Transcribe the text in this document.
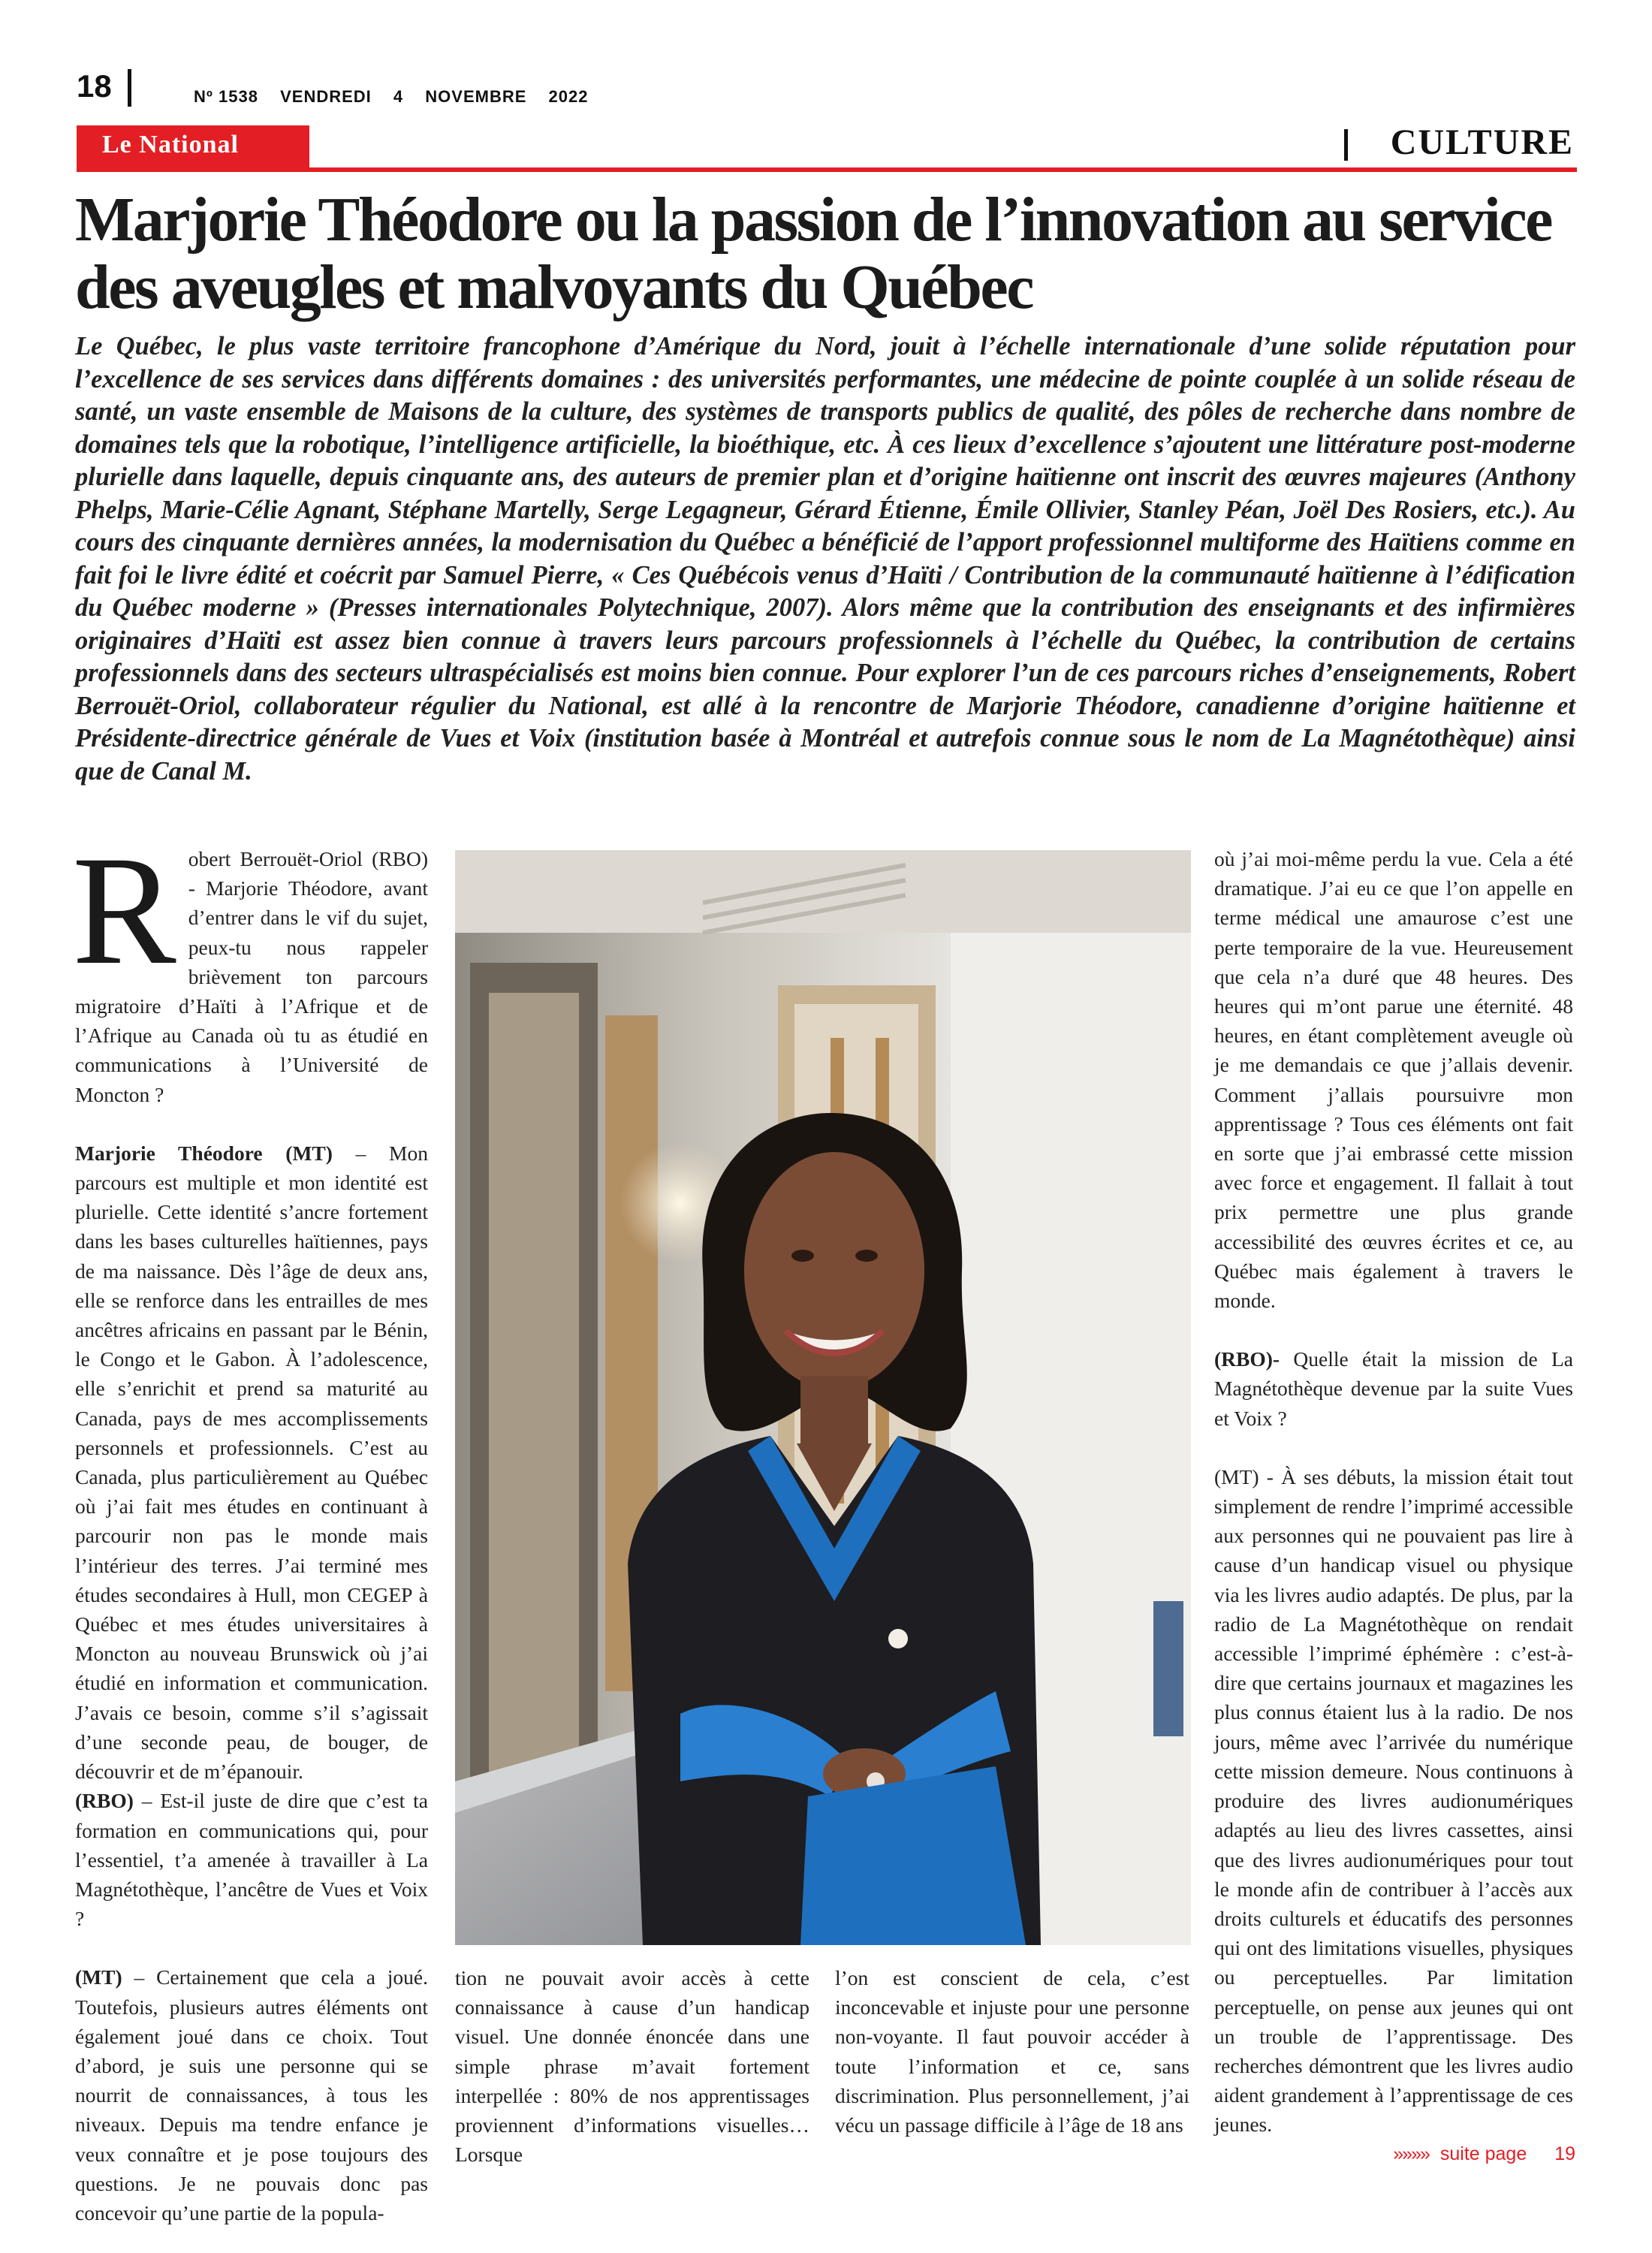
18	Nº 1538 VENDREDI 4 NOVEMBRE 2022
Le National	CULTURE
Marjorie Théodore ou la passion de l’innovation au service des aveugles et malvoyants du Québec

Le Québec, le plus vaste territoire francophone d’Amérique du Nord, jouit à l’échelle internationale d’une solide réputation pour l’excellence de ses services dans différents domaines : des universités performantes, une médecine de pointe couplée à un solide réseau de santé, un vaste ensemble de Maisons de la culture, des systèmes de transports publics de qualité, des pôles de recherche dans nombre de domaines tels que la robotique, l’intelligence artificielle, la bioéthique, etc. À ces lieux d’excellence s’ajoutent une littérature post-moderne plurielle dans laquelle, depuis cinquante ans, des auteurs de premier plan et d’origine haïtienne ont inscrit des œuvres majeures (Anthony Phelps, Marie-Célie Agnant, Stéphane Martelly, Serge Legagneur, Gérard Étienne, Émile Ollivier, Stanley Péan, Joël Des Rosiers, etc.). Au cours des cinquante dernières années, la modernisation du Québec a bénéficié de l’apport professionnel multiforme des Haïtiens comme en fait foi le livre édité et coécrit par Samuel Pierre, « Ces Québécois venus d’Haïti / Contribution de la communauté haïtienne à l’édification du Québec moderne » (Presses internationales Polytechnique, 2007). Alors même que la contribution des enseignants et des infirmières originaires d’Haïti est assez bien connue à travers leurs parcours professionnels à l’échelle du Québec, la contribution de certains professionnels dans des secteurs ultraspécialisés est moins bien connue. Pour explorer l’un de ces parcours riches d’enseignements, Robert Berrouët-Oriol, collaborateur régulier du National, est allé à la rencontre de Marjorie Théodore, canadienne d’origine haïtienne et Présidente-directrice générale de Vues et Voix (institution basée à Montréal et autrefois connue sous le nom de La Magnétothèque) ainsi que de Canal M.

Robert Berrouët-Oriol (RBO) - Marjorie Théodore, avant d’entrer dans le vif du sujet, peux-tu nous rappeler brièvement ton parcours migratoire d’Haïti à l’Afrique et de l’Afrique au Canada où tu as étudié en communications à l’Université de Moncton ?

Marjorie Théodore (MT) – Mon parcours est multiple et mon identité est plurielle. Cette identité s’ancre fortement dans les bases culturelles haïtiennes, pays de ma naissance. Dès l’âge de deux ans, elle se renforce dans les entrailles de mes ancêtres africains en passant par le Bénin, le Congo et le Gabon. À l’adolescence, elle s’enrichit et prend sa maturité au Canada, pays de mes accomplissements personnels et professionnels. C’est au Canada, plus particulièrement au Québec où j’ai fait mes études en continuant à parcourir non pas le monde mais l’intérieur des terres. J’ai terminé mes études secondaires à Hull, mon CEGEP à Québec et mes études universitaires à Moncton au nouveau Brunswick où j’ai étudié en information et communication. J’avais ce besoin, comme s’il s’agissait d’une seconde peau, de bouger, de découvrir et de m’épanouir.

(RBO) – Est-il juste de dire que c’est ta formation en communications qui, pour l’essentiel, t’a amenée à travailler à La Magnétothèque, l’ancêtre de Vues et Voix ?

(MT) – Certainement que cela a joué. Toutefois, plusieurs autres éléments ont également joué dans ce choix. Tout d’abord, je suis une personne qui se nourrit de connaissances, à tous les niveaux. Depuis ma tendre enfance je veux connaître et je pose toujours des questions. Je ne pouvais donc pas concevoir qu’une partie de la popula-

tion ne pouvait avoir accès à cette connaissance à cause d’un handicap visuel. Une donnée énoncée dans une simple phrase m’avait fortement interpellée : 80% de nos apprentissages proviennent d’informations visuelles… Lorsque

l’on est conscient de cela, c’est inconcevable et injuste pour une personne non-voyante. Il faut pouvoir accéder à toute l’information et ce, sans discrimination. Plus personnellement, j’ai vécu un passage difficile à l’âge de 18 ans

où j’ai moi-même perdu la vue. Cela a été dramatique. J’ai eu ce que l’on appelle en terme médical une amaurose c’est une perte temporaire de la vue. Heureusement que cela n’a duré que 48 heures. Des heures qui m’ont parue une éternité. 48 heures, en étant complètement aveugle où je me demandais ce que j’allais devenir. Comment j’allais poursuivre mon apprentissage ? Tous ces éléments ont fait en sorte que j’ai embrassé cette mission avec force et engagement. Il fallait à tout prix permettre une plus grande accessibilité des œuvres écrites et ce, au Québec mais également à travers le monde.

(RBO)- Quelle était la mission de La Magnétothèque devenue par la suite Vues et Voix ?

(MT) - À ses débuts, la mission était tout simplement de rendre l’imprimé accessible aux personnes qui ne pouvaient pas lire à cause d’un handicap visuel ou physique via les livres audio adaptés. De plus, par la radio de La Magnétothèque on rendait accessible l’imprimé éphémère : c’est-à-dire que certains journaux et magazines les plus connus étaient lus à la radio. De nos jours, même avec l’arrivée du numérique cette mission demeure. Nous continuons à produire des livres audionumériques adaptés au lieu des livres cassettes, ainsi que des livres audionumériques pour tout le monde afin de contribuer à l’accès aux droits culturels et éducatifs des personnes qui ont des limitations visuelles, physiques ou perceptuelles. Par limitation perceptuelle, on pense aux jeunes qui ont un trouble de l’apprentissage. Des recherches démontrent que les livres audio aident grandement à l’apprentissage de ces jeunes.

»»»» suite page 19
